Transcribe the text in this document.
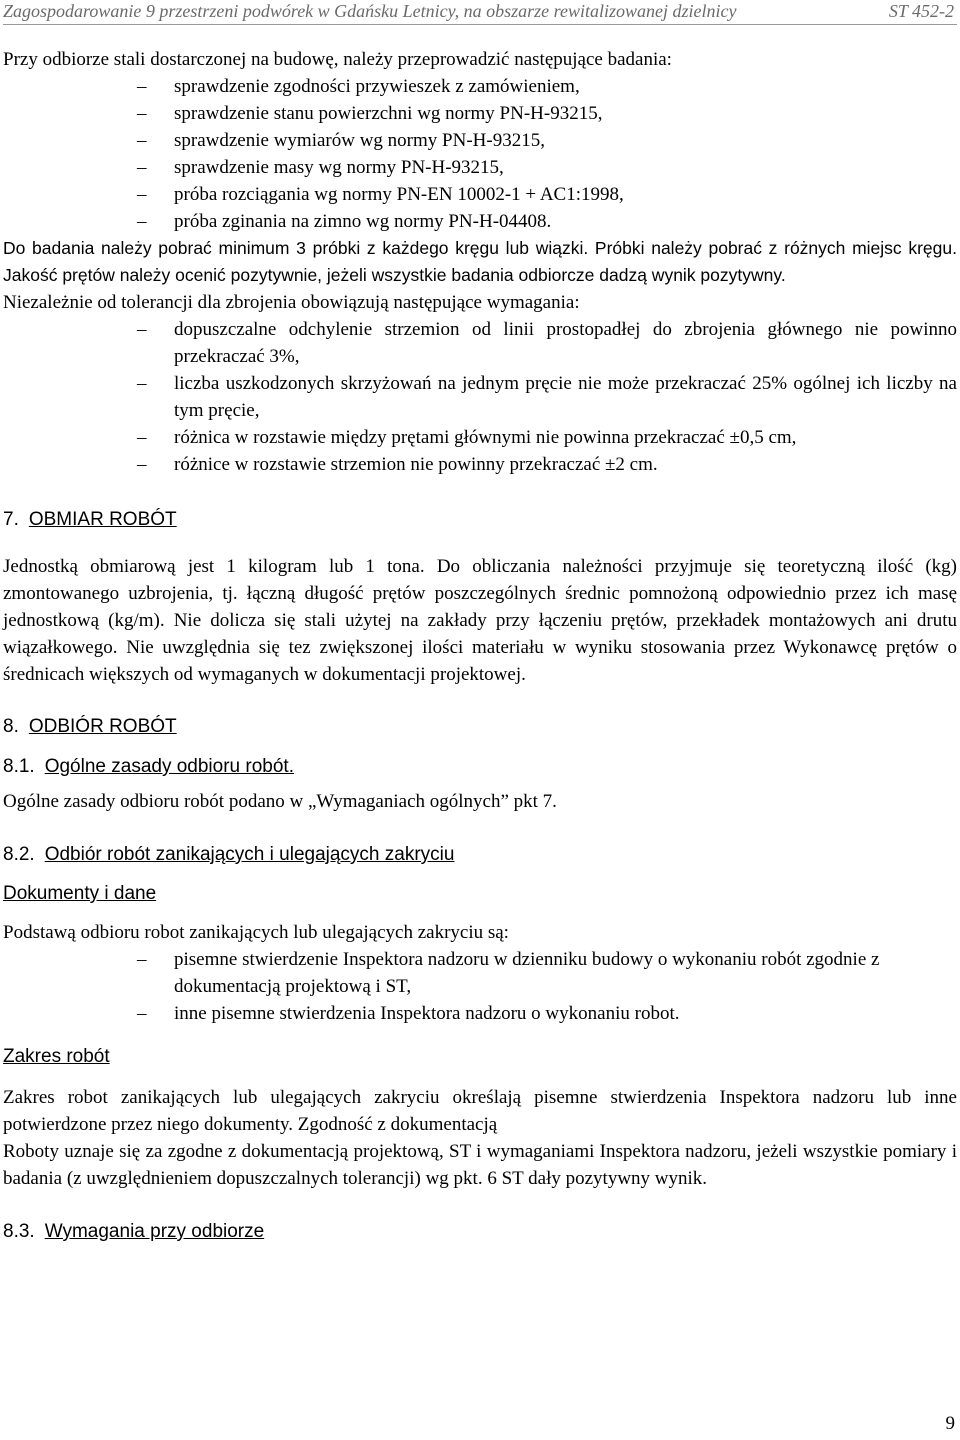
Zagospodarowanie 9 przestrzeni podwórek w Gdańsku Letnicy, na obszarze rewitalizowanej dzielnicy	ST 452-2

Przy odbiorze stali dostarczonej na budowę, należy przeprowadzić następujące badania:

–	sprawdzenie zgodności przywieszek z zamówieniem,
–	sprawdzenie stanu powierzchni wg normy PN-H-93215,
–	sprawdzenie wymiarów wg normy PN-H-93215,
–	sprawdzenie masy wg normy PN-H-93215,
–	próba rozciągania wg normy PN-EN 10002-1 + AC1:1998,
–	próba zginania na zimno wg normy PN-H-04408.

Do badania należy pobrać minimum 3 próbki z każdego kręgu lub wiązki. Próbki należy pobrać z różnych miejsc kręgu. Jakość prętów należy ocenić pozytywnie, jeżeli wszystkie badania odbiorcze dadzą wynik pozytywny.

Niezależnie od tolerancji dla zbrojenia obowiązują następujące wymagania:

–	dopuszczalne odchylenie strzemion od linii prostopadłej do zbrojenia głównego nie powinno przekraczać 3%,
–	liczba uszkodzonych skrzyżowań na jednym pręcie nie może przekraczać 25% ogólnej ich liczby na tym pręcie,
–	różnica w rozstawie między prętami głównymi nie powinna przekraczać ±0,5 cm,
–	różnice w rozstawie strzemion nie powinny przekraczać ±2 cm.

7. OBMIAR ROBÓT

Jednostką obmiarową jest 1 kilogram lub 1 tona. Do obliczania należności przyjmuje się teoretyczną ilość (kg) zmontowanego uzbrojenia, tj. łączną długość prętów poszczególnych średnic pomnożoną odpowiednio przez ich masę jednostkową (kg/m). Nie dolicza się stali użytej na zakłady przy łączeniu prętów, przekładek montażowych ani drutu wiązałkowego. Nie uwzględnia się tez zwiększonej ilości materiału w wyniku stosowania przez Wykonawcę prętów o średnicach większych od wymaganych w dokumentacji projektowej.

8. ODBIÓR ROBÓT

8.1. Ogólne zasady odbioru robót.

Ogólne zasady odbioru robót podano w „Wymaganiach ogólnych” pkt 7.

8.2. Odbiór robót zanikających i ulegających zakryciu

Dokumenty i dane

Podstawą odbioru robot zanikających lub ulegających zakryciu są:

–	pisemne stwierdzenie Inspektora nadzoru w dzienniku budowy o wykonaniu robót zgodnie z dokumentacją projektową i ST,
–	inne pisemne stwierdzenia Inspektora nadzoru o wykonaniu robot.

Zakres robót

Zakres robot zanikających lub ulegających zakryciu określają pisemne stwierdzenia Inspektora nadzoru lub inne potwierdzone przez niego dokumenty. Zgodność z dokumentacją

Roboty uznaje się za zgodne z dokumentacją projektową, ST i wymaganiami Inspektora nadzoru, jeżeli wszystkie pomiary i badania (z uwzględnieniem dopuszczalnych tolerancji) wg pkt. 6 ST dały pozytywny wynik.

8.3. Wymagania przy odbiorze

9
